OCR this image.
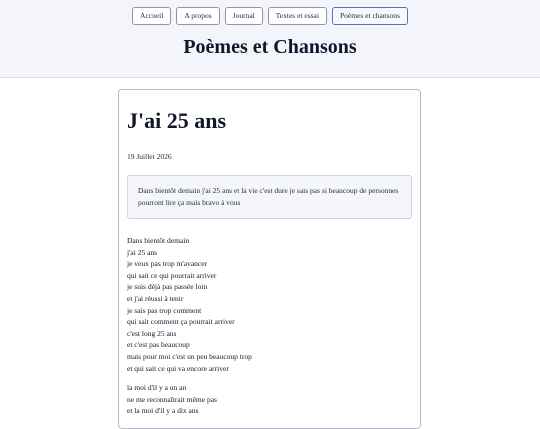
Accueil	A propos	Journal	Textes et essai	Poèmes et chansons
Poèmes et Chansons
J'ai 25 ans
19 Juillet 2026
Dans bientôt demain j'ai 25 ans et la vie c'est dure je sais pas si beaucoup de personnes pourront lire ça mais bravo à vous
Dans bientôt demain
j'ai 25 ans
je veux pas trop m'avancer
qui sait ce qui pourrait arriver
je suis déjà pas passée loin
et j'ai réussi à tenir
je sais pas trop comment
qui sait comment ça pourrait arriver
c'est long 25 ans
et c'est pas beaucoup
mais pour moi c'est un peu beaucoup trop
et qui sait ce qui va encore arriver
la moi d'il y a un an
ne me reconnaîtrait même pas
et la moi d'il y a dix ans
